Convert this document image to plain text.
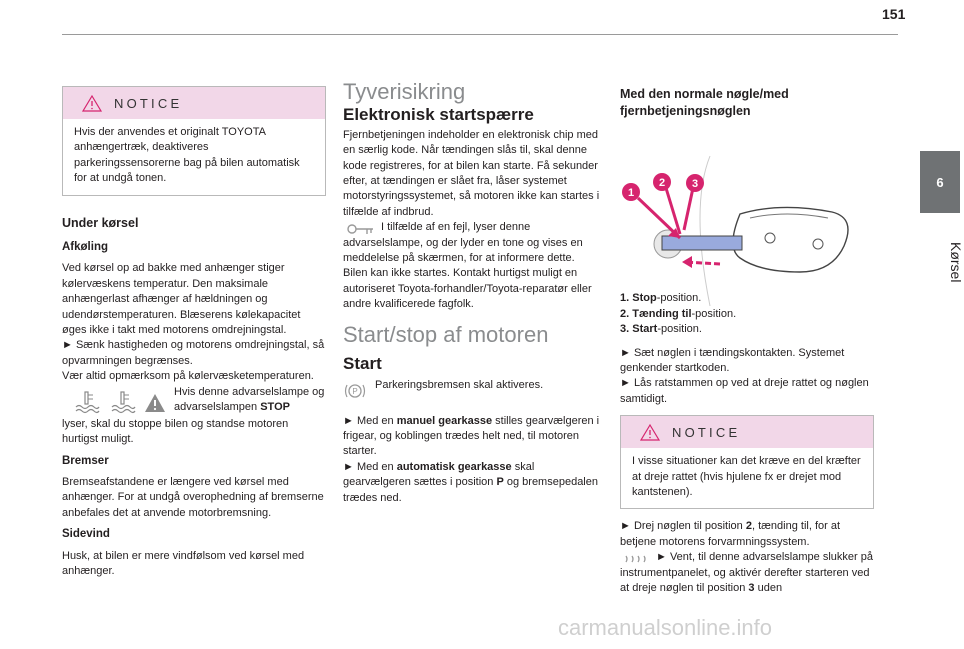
151
6
Kørsel
NOTICE
Hvis der anvendes et originalt TOYOTA anhængertræk, deaktiveres parkeringssensorerne bag på bilen automatisk for at undgå tonen.
Under kørsel
Afkøling

Ved kørsel op ad bakke med anhænger stiger kølervæskens temperatur. Den maksimale anhængerlast afhænger af hældningen og udendørstemperaturen. Blæserens kølekapacitet øges ikke i takt med motorens omdrejningstal.

► Sænk hastigheden og motorens omdrejningstal, så opvarmningen begrænses.

Vær altid opmærksom på kølervæsketemperaturen.

Hvis denne advarselslampe og advarselslampen STOP

lyser, skal du stoppe bilen og standse motoren hurtigst muligt.

Bremser

Bremseafstandene er længere ved kørsel med anhænger. For at undgå overophedning af bremserne anbefales det at anvende motorbremsning.

Sidevind

Husk, at bilen er mere vindfølsom ved kørsel med anhænger.

Tyverisikring
Elektronisk startspærre

Fjernbetjeningen indeholder en elektronisk chip med en særlig kode. Når tændingen slås til, skal denne kode registreres, for at bilen kan starte. Få sekunder efter, at tændingen er slået fra, låser systemet motorstyringssystemet, så motoren ikke kan startes i tilfælde af indbrud.

I tilfælde af en fejl, lyser denne advarselslampe, og der lyder en tone og vises en meddelelse på skærmen, for at informere dette.

Bilen kan ikke startes. Kontakt hurtigst muligt en autoriseret Toyota-forhandler/Toyota-reparatør eller andre kvalificerede fagfolk.

Start/stop af motoren
Start
P

Parkeringsbremsen skal aktiveres.

► Med en manuel gearkasse stilles gearvælgeren i frigear, og koblingen trædes helt ned, til motoren starter.

► Med en automatisk gearkasse skal gearvælgeren sættes i position P og bremsepedalen trædes ned.

Med den normale nøgle/med fjernbetjeningsnøglen
1
2 3

1. Stop-position.

2. Tænding til-position.

3. Start-position.

► Sæt nøglen i tændingskontakten. Systemet genkender startkoden.

► Lås ratstammen op ved at dreje rattet og nøglen samtidigt.

NOTICE
I visse situationer kan det kræve en del kræfter at dreje rattet (hvis hjulene fx er drejet mod kantstenen).

► Drej nøglen til position 2, tænding til, for at betjene motorens forvarmningssystem.

► Vent, til denne advarselslampe slukker på instrumentpanelet, og aktivér derefter starteren ved at dreje nøglen til position 3 uden

carmanualsonline.info
